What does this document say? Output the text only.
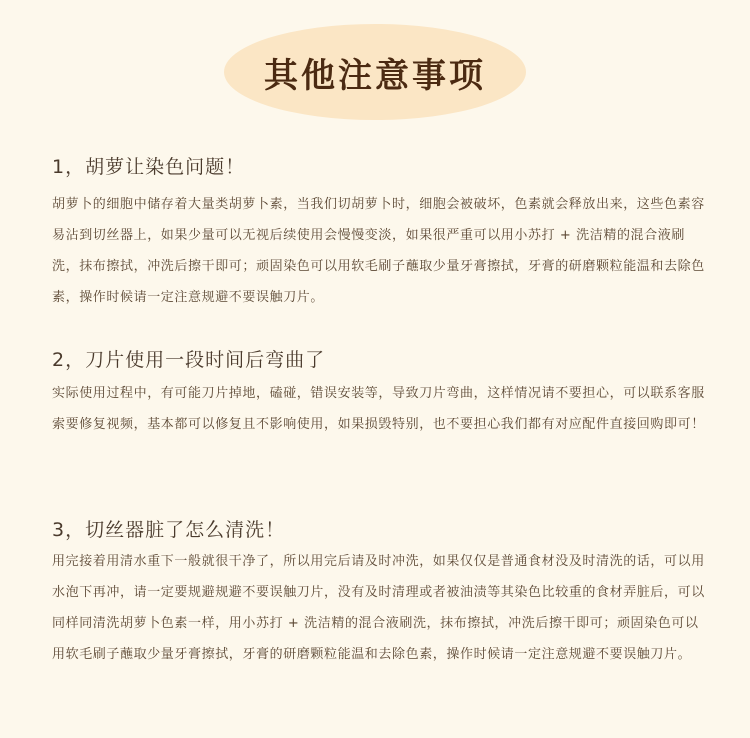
其他注意事项
1，胡萝让染色问题！

胡萝卜的细胞中储存着大量类胡萝卜素，当我们切胡萝卜时，细胞会被破坏，色素就会释放出来，这些色素容易沾到切丝器上，如果少量可以无视后续使用会慢慢变淡，如果很严重可以用小苏打 + 洗洁精的混合液刷洗，抹布擦拭，冲洗后擦干即可；顽固染色可以用软毛刷子蘸取少量牙膏擦拭，牙膏的研磨颗粒能温和去除色素，操作时候请一定注意规避不要误触刀片。

2，刀片使用一段时间后弯曲了

实际使用过程中，有可能刀片掉地，磕碰，错误安装等，导致刀片弯曲，这样情况请不要担心，可以联系客服索要修复视频，基本都可以修复且不影响使用，如果损毁特别，也不要担心我们都有对应配件直接回购即可！

3，切丝器脏了怎么清洗！

用完接着用清水重下一般就很干净了，所以用完后请及时冲洗，如果仅仅是普通食材没及时清洗的话，可以用水泡下再冲，请一定要规避规避不要误触刀片，没有及时清理或者被油渍等其染色比较重的食材弄脏后，可以同样同清洗胡萝卜色素一样，用小苏打 + 洗洁精的混合液刷洗，抹布擦拭，冲洗后擦干即可；顽固染色可以用软毛刷子蘸取少量牙膏擦拭，牙膏的研磨颗粒能温和去除色素，操作时候请一定注意规避不要误触刀片。
